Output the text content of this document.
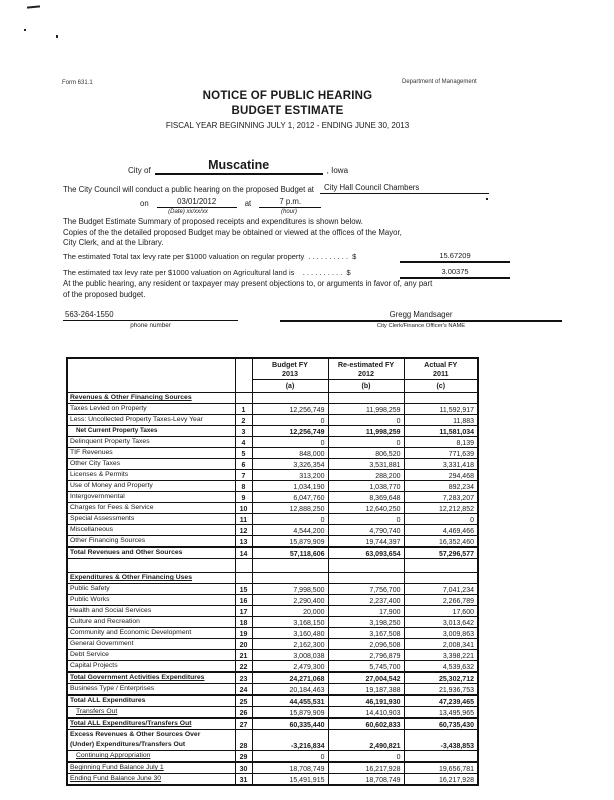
Form 631.1	Department of Management
NOTICE OF PUBLIC HEARING
BUDGET ESTIMATE
FISCAL YEAR BEGINNING JULY 1, 2012 - ENDING JUNE 30, 2013
City of	Muscatine	, Iowa
The City Council will conduct a public hearing on the proposed Budget at	City Hall Council Chambers
on	03/01/2012	at	7 p.m.
(Date) xx/xx/xx	(hour)
The Budget Estimate Summary of proposed receipts and expenditures is shown below.
Copies of the the detailed proposed Budget may be obtained or viewed at the offices of the Mayor,
City Clerk, and at the Library.
The estimated Total tax levy rate per $1000 valuation on regular property  . . . . . . . . . .  $	15.67209
The estimated tax levy rate per $1000 valuation on Agricultural land is    . . . . . . . . . .  $	3.00375
At the public hearing, any resident or taxpayer may present objections to, or arguments in favor of, any part
of the proposed budget.
563-264-1550
phone number
Gregg Mandsager
City Clerk/Finance Officer's NAME

Budget FY
2013

Re-estimated FY
2012

Actual FY
2011

		(a)	(b)	(c)
Revenues & Other Financing Sources				
Taxes Levied on Property	1	12,256,749	11,998,259	11,592,917
Less: Uncollected Property Taxes-Levy Year	2	0	0	11,883
Net Current Property Taxes	3	12,256,749	11,998,259	11,581,034
Delinquent Property Taxes	4	0	0	8,139
TIF Revenues	5	848,000	806,520	771,639
Other City Taxes	6	3,326,354	3,531,881	3,331,418
Licenses & Permits	7	313,200	288,200	294,468
Use of Money and Property	8	1,034,190	1,038,770	892,234
Intergovernmental	9	6,047,760	8,369,648	7,283,207
Charges for Fees & Service	10	12,888,250	12,640,250	12,212,852
Special Assessments	11	0	0	0
Miscellaneous	12	4,544,200	4,790,740	4,469,466
Other Financing Sources	13	15,879,909	19,744,397	16,352,460
Total Revenues and Other Sources	14	57,118,606	63,093,654	57,296,577

Expenditures & Other Financing Uses				
Public Safety	15	7,998,500	7,756,700	7,041,234
Public Works	16	2,290,400	2,237,400	2,266,789
Health and Social Services	17	20,000	17,900	17,600
Culture and Recreation	18	3,168,150	3,198,250	3,013,642
Community and Economic Development	19	3,160,480	3,167,508	3,009,863
General Government	20	2,162,300	2,096,508	2,008,341
Debt Service	21	3,008,038	2,796,879	3,398,221
Capital Projects	22	2,479,300	5,745,700	4,539,632
Total Government Activities Expenditures	23	24,271,068	27,004,542	25,302,712
Business Type / Enterprises	24	20,184,463	19,187,388	21,936,753
Total ALL Expenditures	25	44,455,531	46,191,930	47,239,465
Transfers Out	26	15,879,909	14,410,903	13,495,965
Total ALL Expenditures/Transfers Out	27	60,335,440	60,602,833	60,735,430
Excess Revenues & Other Sources Over				
(Under) Expenditures/Transfers Out	28	-3,216,834	2,490,821	-3,438,853
Continuing Appropriation	29	0	0	
Beginning Fund Balance July 1	30	18,708,749	16,217,928	19,656,781
Ending Fund Balance June 30	31	15,491,915	18,708,749	16,217,928
